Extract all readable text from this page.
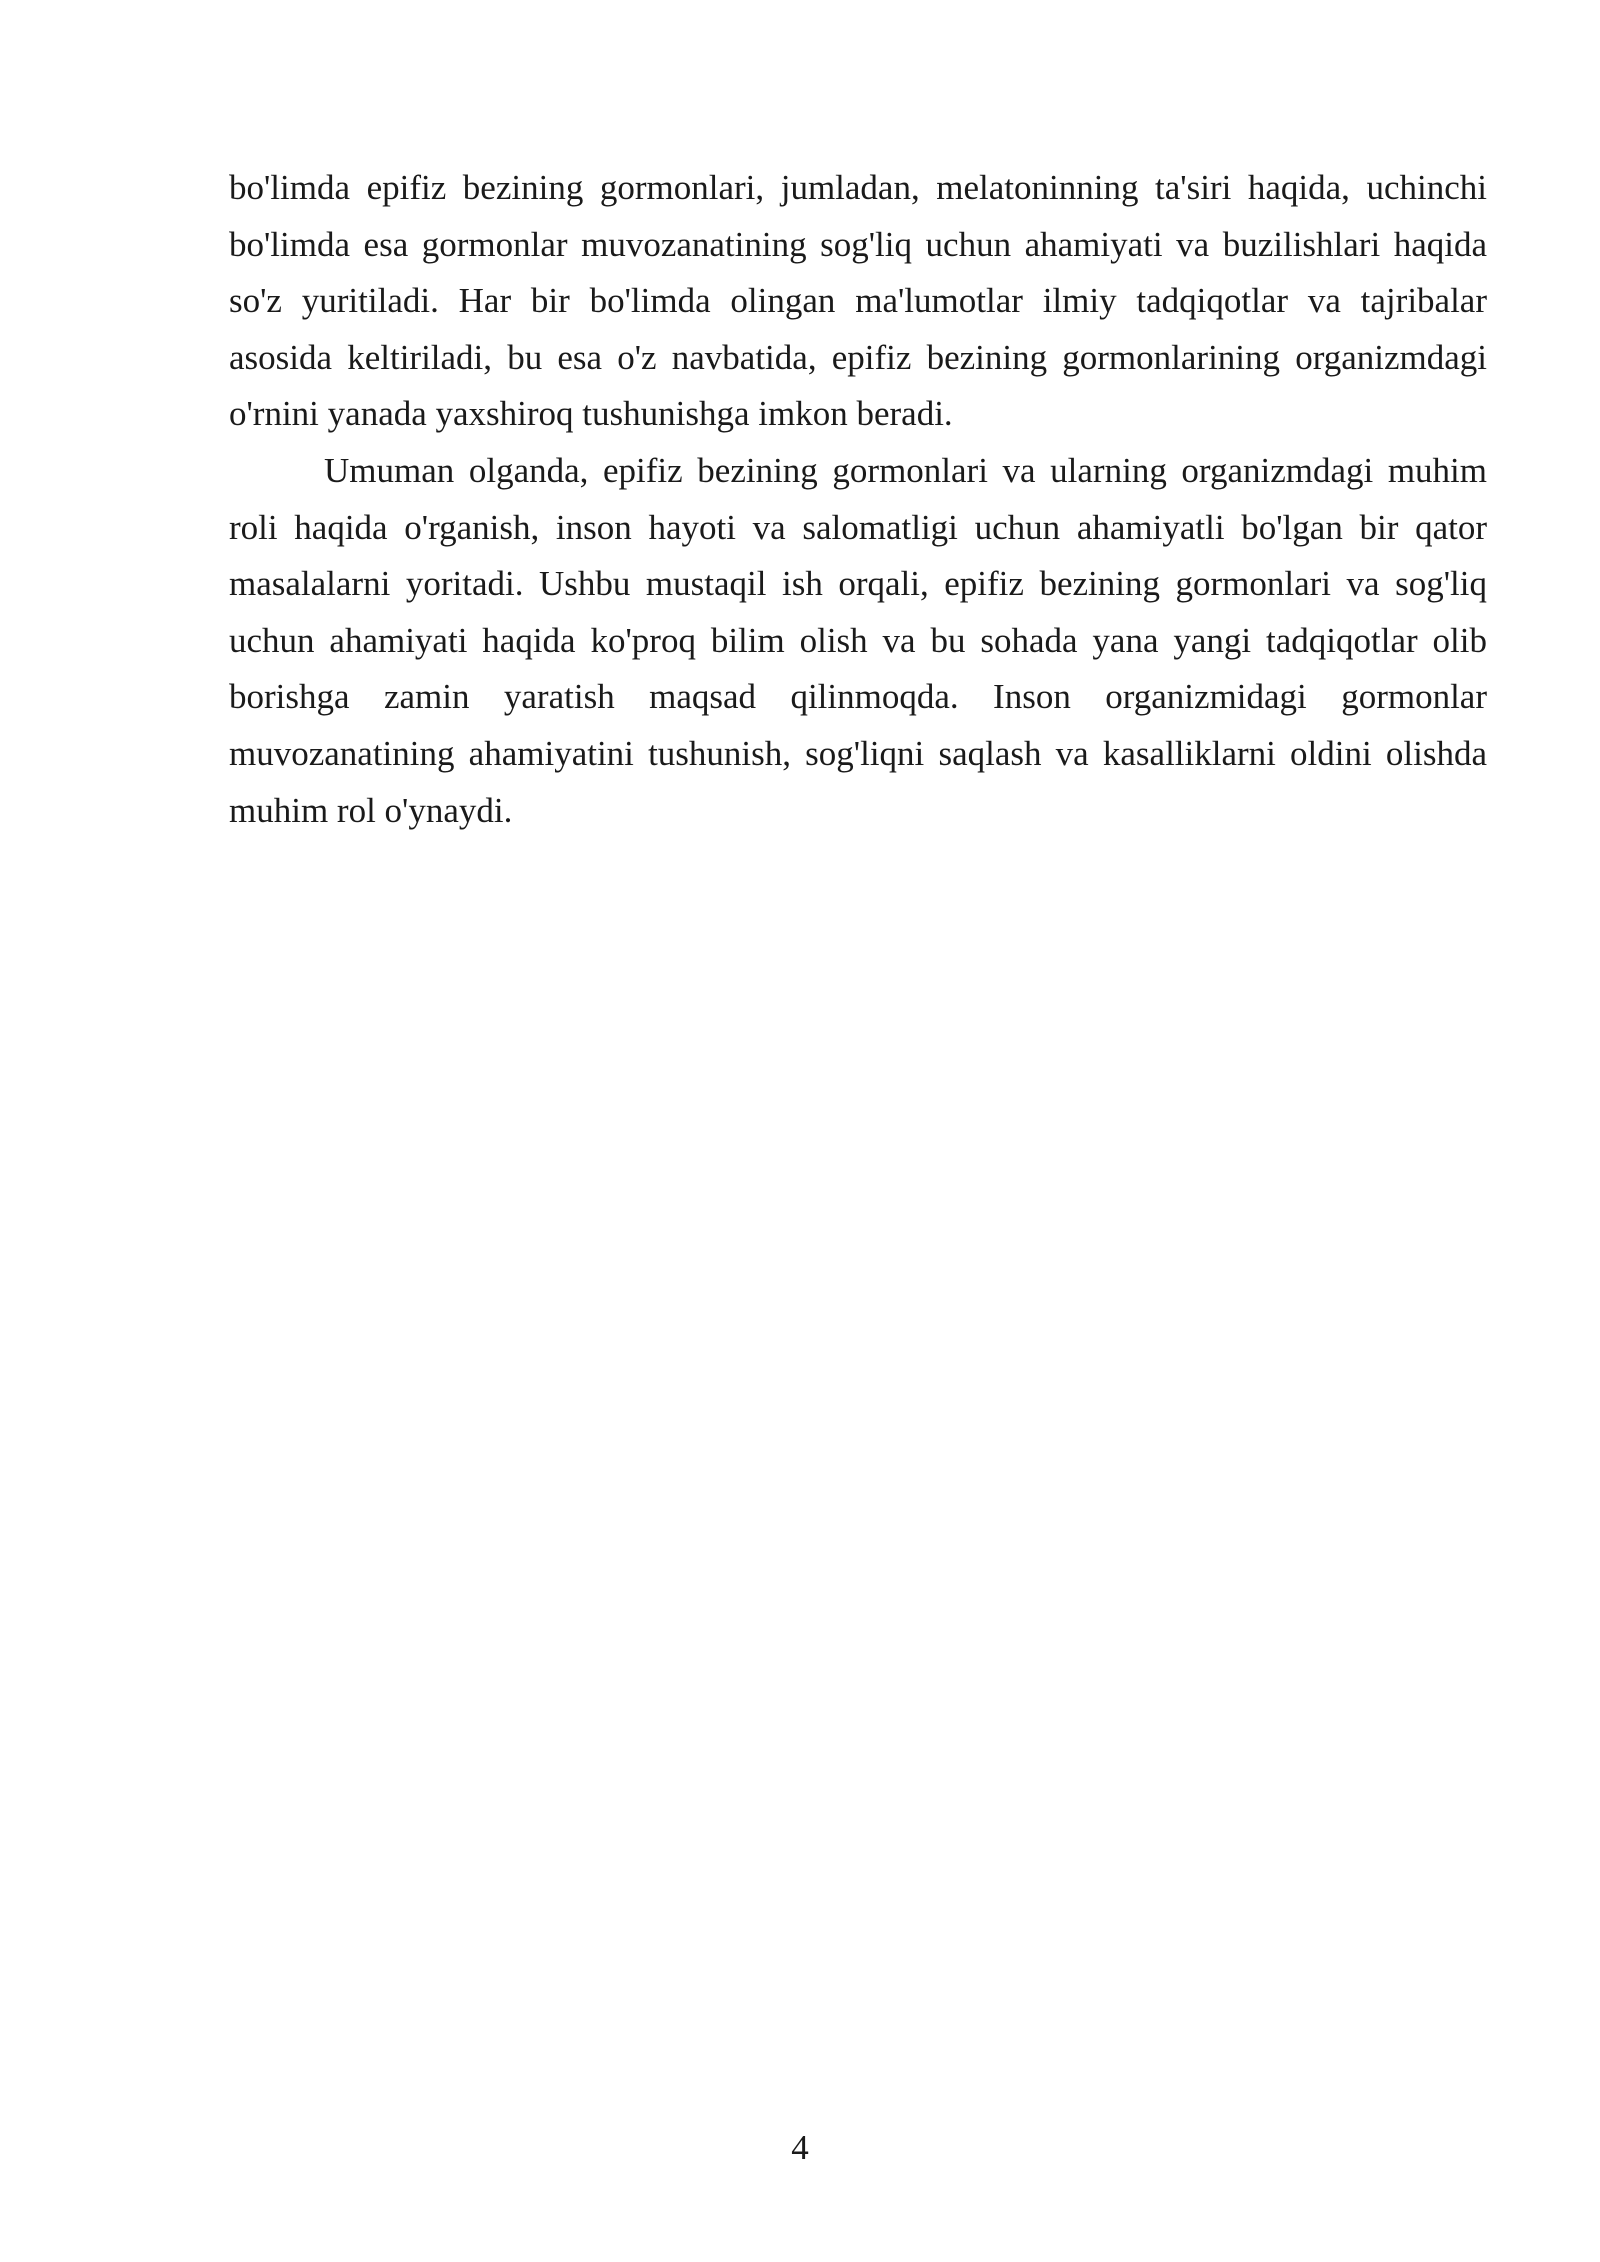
bo'limda epifiz bezining gormonlari, jumladan, melatoninning ta'siri haqida, uchinchi bo'limda esa gormonlar muvozanatining sog'liq uchun ahamiyati va buzilishlari haqida so'z yuritiladi. Har bir bo'limda olingan ma'lumotlar ilmiy tadqiqotlar va tajribalar asosida keltiriladi, bu esa o'z navbatida, epifiz bezining gormonlarining organizmdagi o'rnini yanada yaxshiroq tushunishga imkon beradi.

Umuman olganda, epifiz bezining gormonlari va ularning organizmdagi muhim roli haqida o'rganish, inson hayoti va salomatligi uchun ahamiyatli bo'lgan bir qator masalalarni yoritadi. Ushbu mustaqil ish orqali, epifiz bezining gormonlari va sog'liq uchun ahamiyati haqida ko'proq bilim olish va bu sohada yana yangi tadqiqotlar olib borishga zamin yaratish maqsad qilinmoqda. Inson organizmidagi gormonlar muvozanatining ahamiyatini tushunish, sog'liqni saqlash va kasalliklarni oldini olishda muhim rol o'ynaydi.

4
